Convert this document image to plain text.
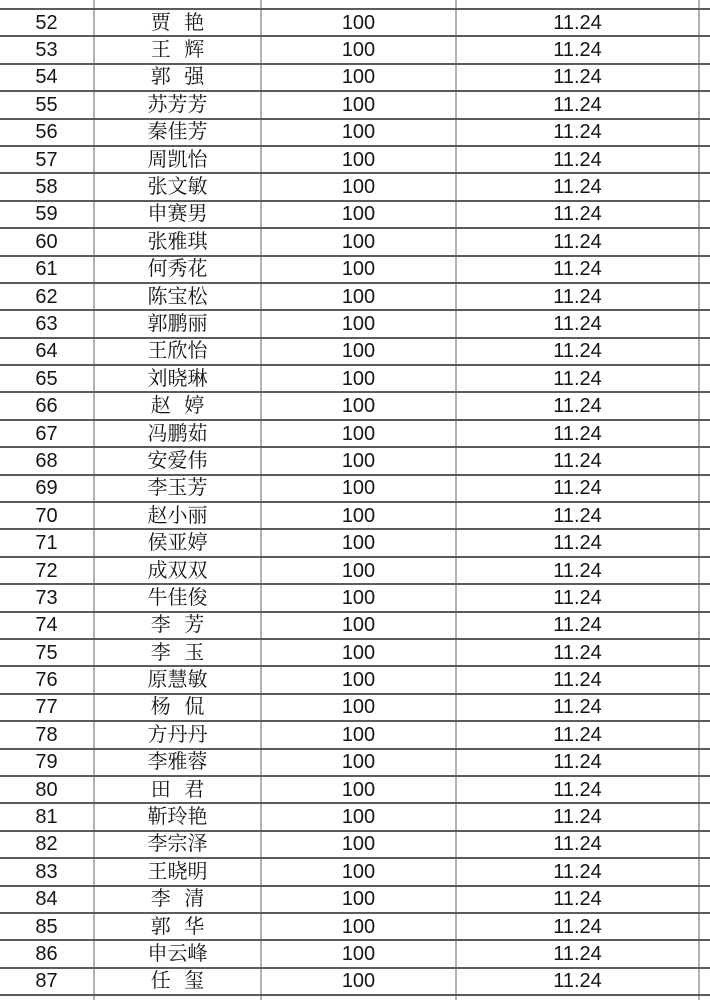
52	贾 艳	100	11.24
53	王 辉	100	11.24
54	郭 强	100	11.24
55	苏芳芳	100	11.24
56	秦佳芳	100	11.24
57	周凯怡	100	11.24
58	张文敏	100	11.24
59	申赛男	100	11.24
60	张雅琪	100	11.24
61	何秀花	100	11.24
62	陈宝松	100	11.24
63	郭鹏丽	100	11.24
64	王欣怡	100	11.24
65	刘晓琳	100	11.24
66	赵 婷	100	11.24
67	冯鹏茹	100	11.24
68	安爱伟	100	11.24
69	李玉芳	100	11.24
70	赵小丽	100	11.24
71	侯亚婷	100	11.24
72	成双双	100	11.24
73	牛佳俊	100	11.24
74	李 芳	100	11.24
75	李 玉	100	11.24
76	原慧敏	100	11.24
77	杨 侃	100	11.24
78	方丹丹	100	11.24
79	李雅蓉	100	11.24
80	田 君	100	11.24
81	靳玲艳	100	11.24
82	李宗泽	100	11.24
83	王晓明	100	11.24
84	李 清	100	11.24
85	郭 华	100	11.24
86	申云峰	100	11.24
87	任 玺	100	11.24
